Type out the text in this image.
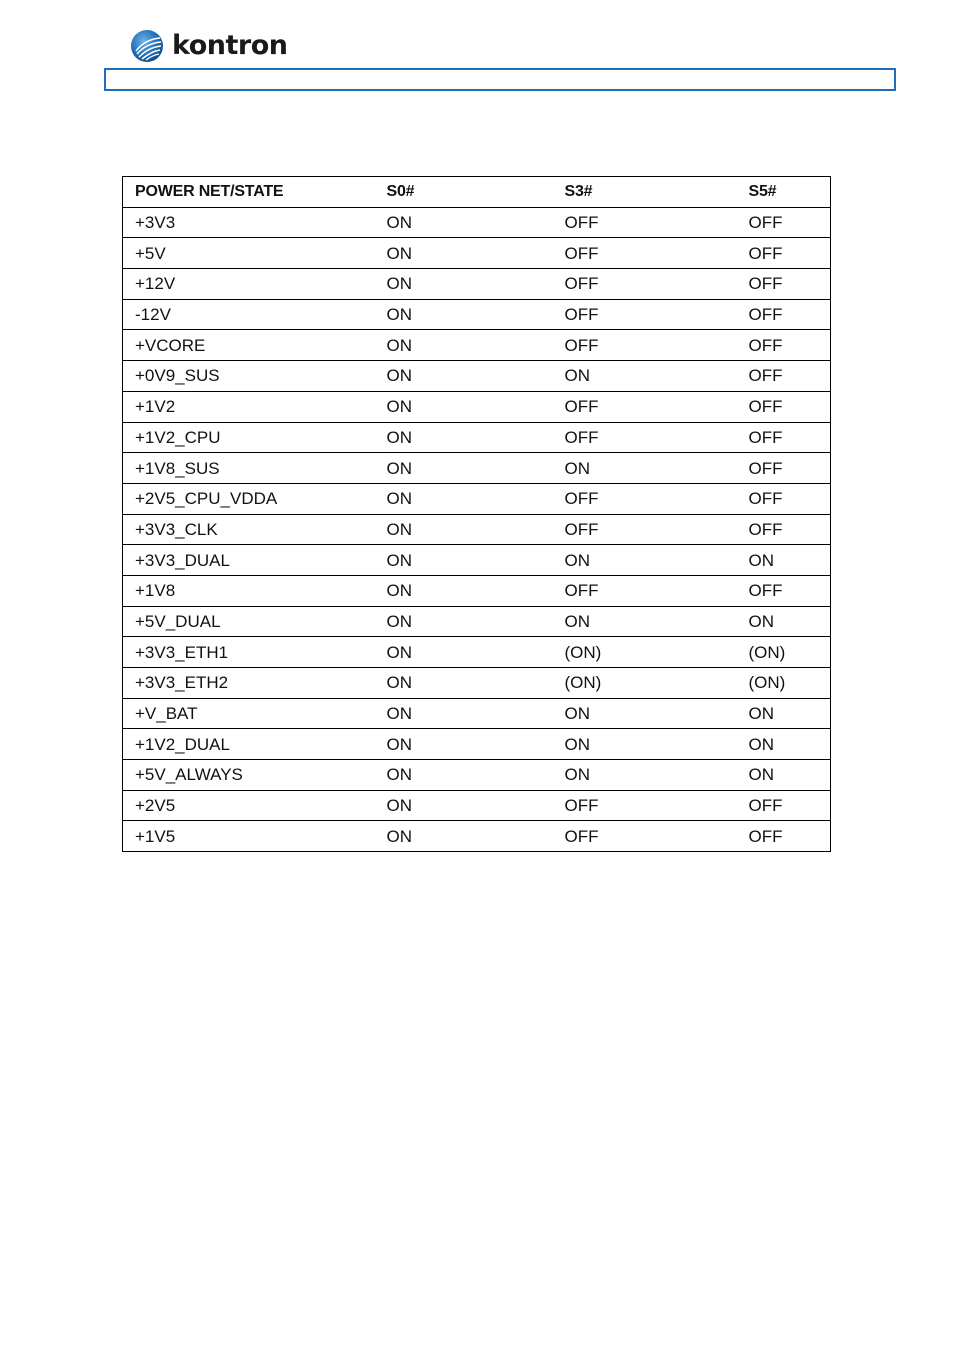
kontron
POWER NET/STATE	S0#	S3#	S5#
+3V3	ON	OFF	OFF
+5V	ON	OFF	OFF
+12V	ON	OFF	OFF
-12V	ON	OFF	OFF
+VCORE	ON	OFF	OFF
+0V9_SUS	ON	ON	OFF
+1V2	ON	OFF	OFF
+1V2_CPU	ON	OFF	OFF
+1V8_SUS	ON	ON	OFF
+2V5_CPU_VDDA	ON	OFF	OFF
+3V3_CLK	ON	OFF	OFF
+3V3_DUAL	ON	ON	ON
+1V8	ON	OFF	OFF
+5V_DUAL	ON	ON	ON
+3V3_ETH1	ON	(ON)	(ON)
+3V3_ETH2	ON	(ON)	(ON)
+V_BAT	ON	ON	ON
+1V2_DUAL	ON	ON	ON
+5V_ALWAYS	ON	ON	ON
+2V5	ON	OFF	OFF
+1V5	ON	OFF	OFF
